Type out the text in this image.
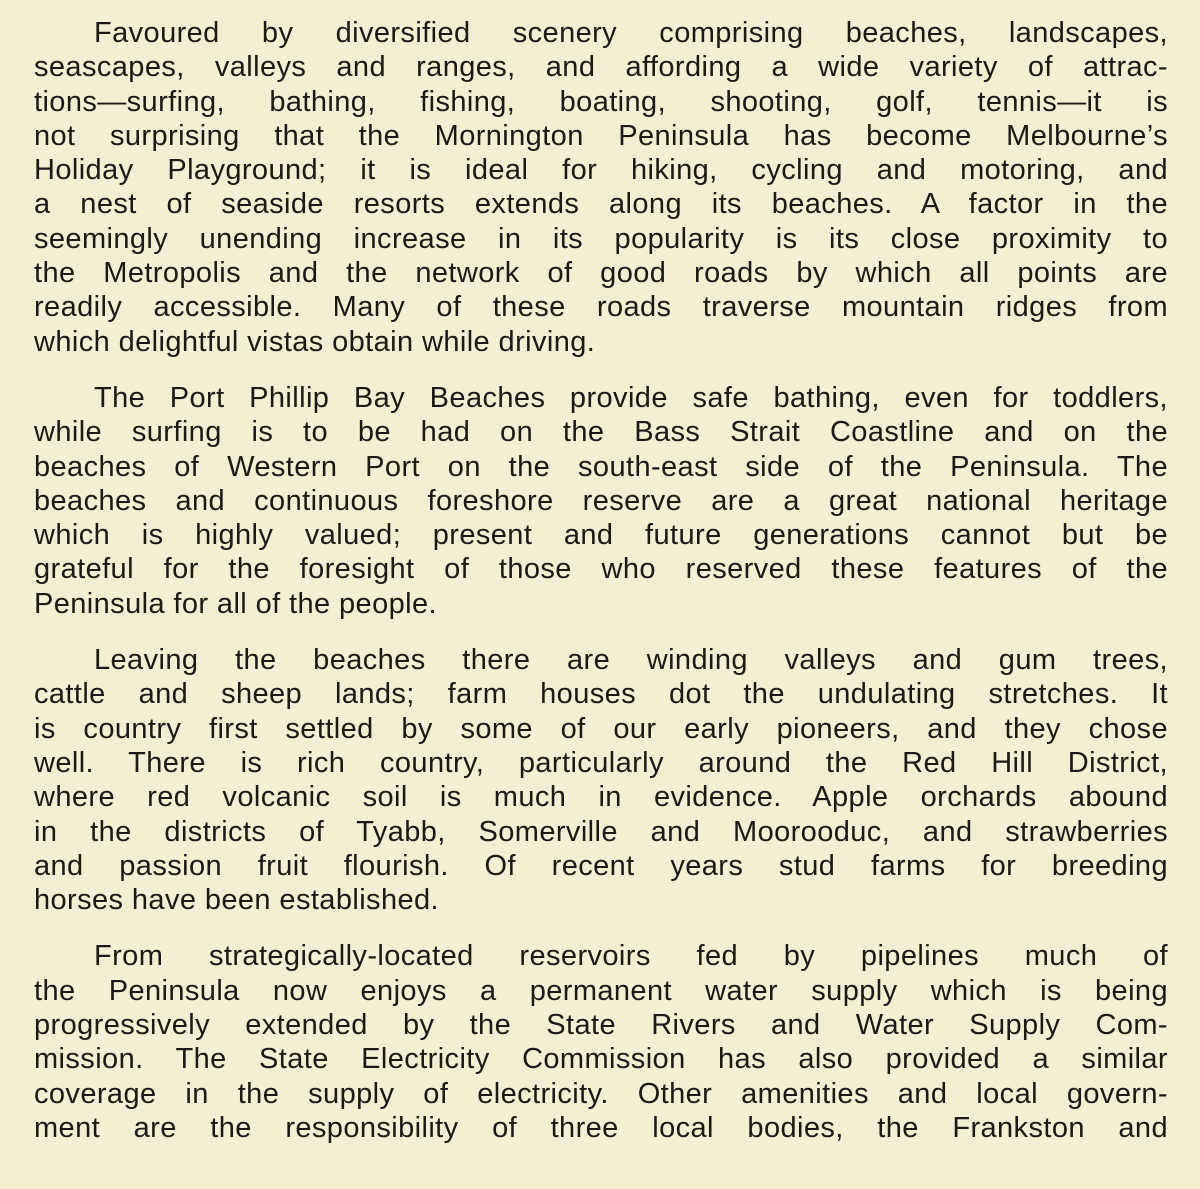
Favoured by diversified scenery comprising beaches, landscapes,
seascapes, valleys and ranges, and affording a wide variety of attrac-
tions—surfing, bathing, fishing, boating, shooting, golf, tennis—it is
not surprising that the Mornington Peninsula has become Melbourne’s
Holiday Playground; it is ideal for hiking, cycling and motoring, and
a nest of seaside resorts extends along its beaches. A factor in the
seemingly unending increase in its popularity is its close proximity to
the Metropolis and the network of good roads by which all points are
readily accessible. Many of these roads traverse mountain ridges from
which delightful vistas obtain while driving.
The Port Phillip Bay Beaches provide safe bathing, even for toddlers,
while surfing is to be had on the Bass Strait Coastline and on the
beaches of Western Port on the south-east side of the Peninsula. The
beaches and continuous foreshore reserve are a great national heritage
which is highly valued; present and future generations cannot but be
grateful for the foresight of those who reserved these features of the
Peninsula for all of the people.
Leaving the beaches there are winding valleys and gum trees,
cattle and sheep lands; farm houses dot the undulating stretches. It
is country first settled by some of our early pioneers, and they chose
well. There is rich country, particularly around the Red Hill District,
where red volcanic soil is much in evidence. Apple orchards abound
in the districts of Tyabb, Somerville and Moorooduc, and strawberries
and passion fruit flourish. Of recent years stud farms for breeding
horses have been established.
From strategically-located reservoirs fed by pipelines much of
the Peninsula now enjoys a permanent water supply which is being
progressively extended by the State Rivers and Water Supply Com-
mission. The State Electricity Commission has also provided a similar
coverage in the supply of electricity. Other amenities and local govern-
ment are the responsibility of three local bodies, the Frankston and
